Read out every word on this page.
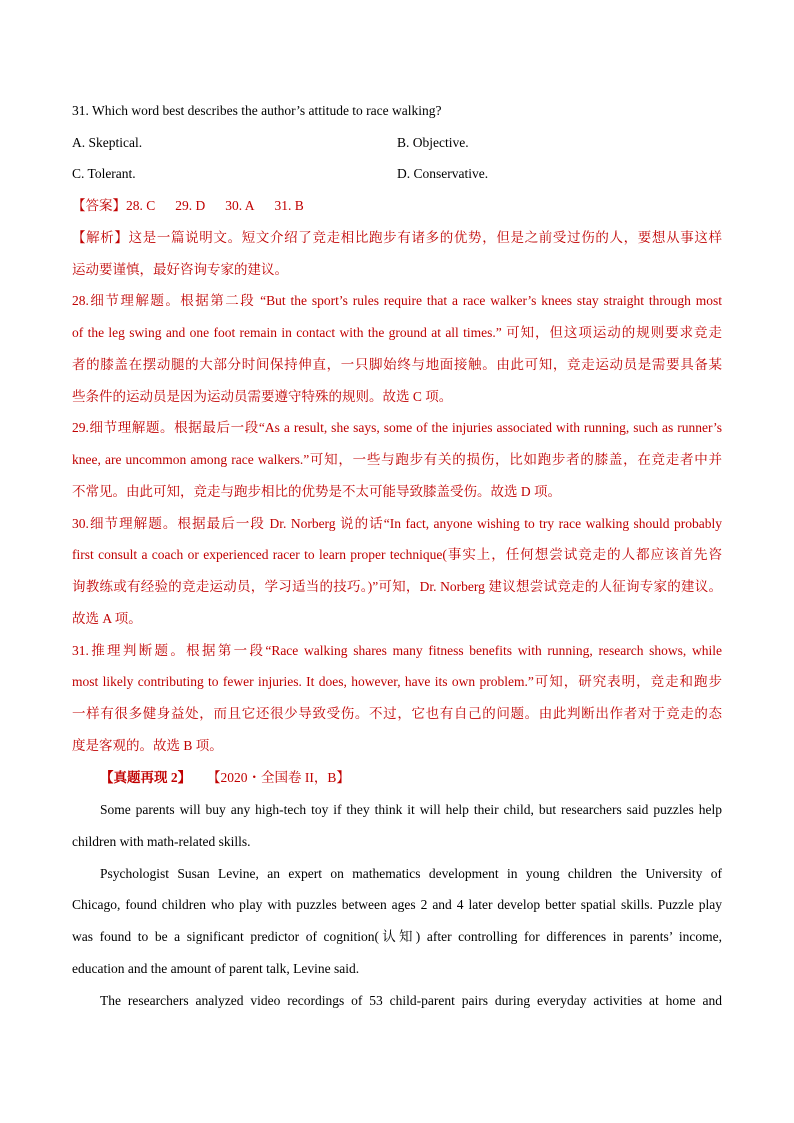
31. Which word best describes the author’s attitude to race walking?
A. Skeptical.	B. Objective.
C. Tolerant.	D. Conservative.
【答案】28. C 29. D 30. A 31. B
【解析】这是一篇说明文。短文介绍了竞走相比跑步有诸多的优势，但是之前受过伤的人，要想从事这样
运动要谨慎，最好咨询专家的建议。
28.细节理解题。根据第二段 “But the sport’s rules require that a race walker’s knees stay straight through most
of the leg swing and one foot remain in contact with the ground at all times.” 可知，但这项运动的规则要求竞走
者的膝盖在摆动腿的大部分时间保持伸直，一只脚始终与地面接触。由此可知，竞走运动员是需要具备某
些条件的运动员是因为运动员需要遵守特殊的规则。故选 C 项。
29.细节理解题。根据最后一段“As a result, she says, some of the injuries associated with running, such as runner’s
knee, are uncommon among race walkers.”可知，一些与跑步有关的损伤，比如跑步者的膝盖，在竞走者中并
不常见。由此可知，竞走与跑步相比的优势是不太可能导致膝盖受伤。故选 D 项。
30.细节理解题。根据最后一段 Dr. Norberg 说的话“In fact, anyone wishing to try race walking should probably
first consult a coach or experienced racer to learn proper technique(事实上，任何想尝试竞走的人都应该首先咨
询教练或有经验的竞走运动员，学习适当的技巧。)”可知，Dr. Norberg 建议想尝试竞走的人征询专家的建议。
故选 A 项。
31.推理判断题。根据第一段“Race walking shares many fitness benefits with running, research shows, while
most likely contributing to fewer injuries. It does, however, have its own problem.”可知，研究表明，竞走和跑步
一样有很多健身益处，而且它还很少导致受伤。不过，它也有自己的问题。由此判断出作者对于竞走的态
度是客观的。故选 B 项。
【真题再现 2】 【2020・全国卷 II，B】
Some parents will buy any high-tech toy if they think it will help their child, but researchers said puzzles help
children with math-related skills.
Psychologist Susan Levine, an expert on mathematics development in young children the University of
Chicago, found children who play with puzzles between ages 2 and 4 later develop better spatial skills. Puzzle play
was found to be a significant predictor of cognition(认知) after controlling for differences in parents’ income,
education and the amount of parent talk, Levine said.
The researchers analyzed video recordings of 53 child-parent pairs during everyday activities at home and
